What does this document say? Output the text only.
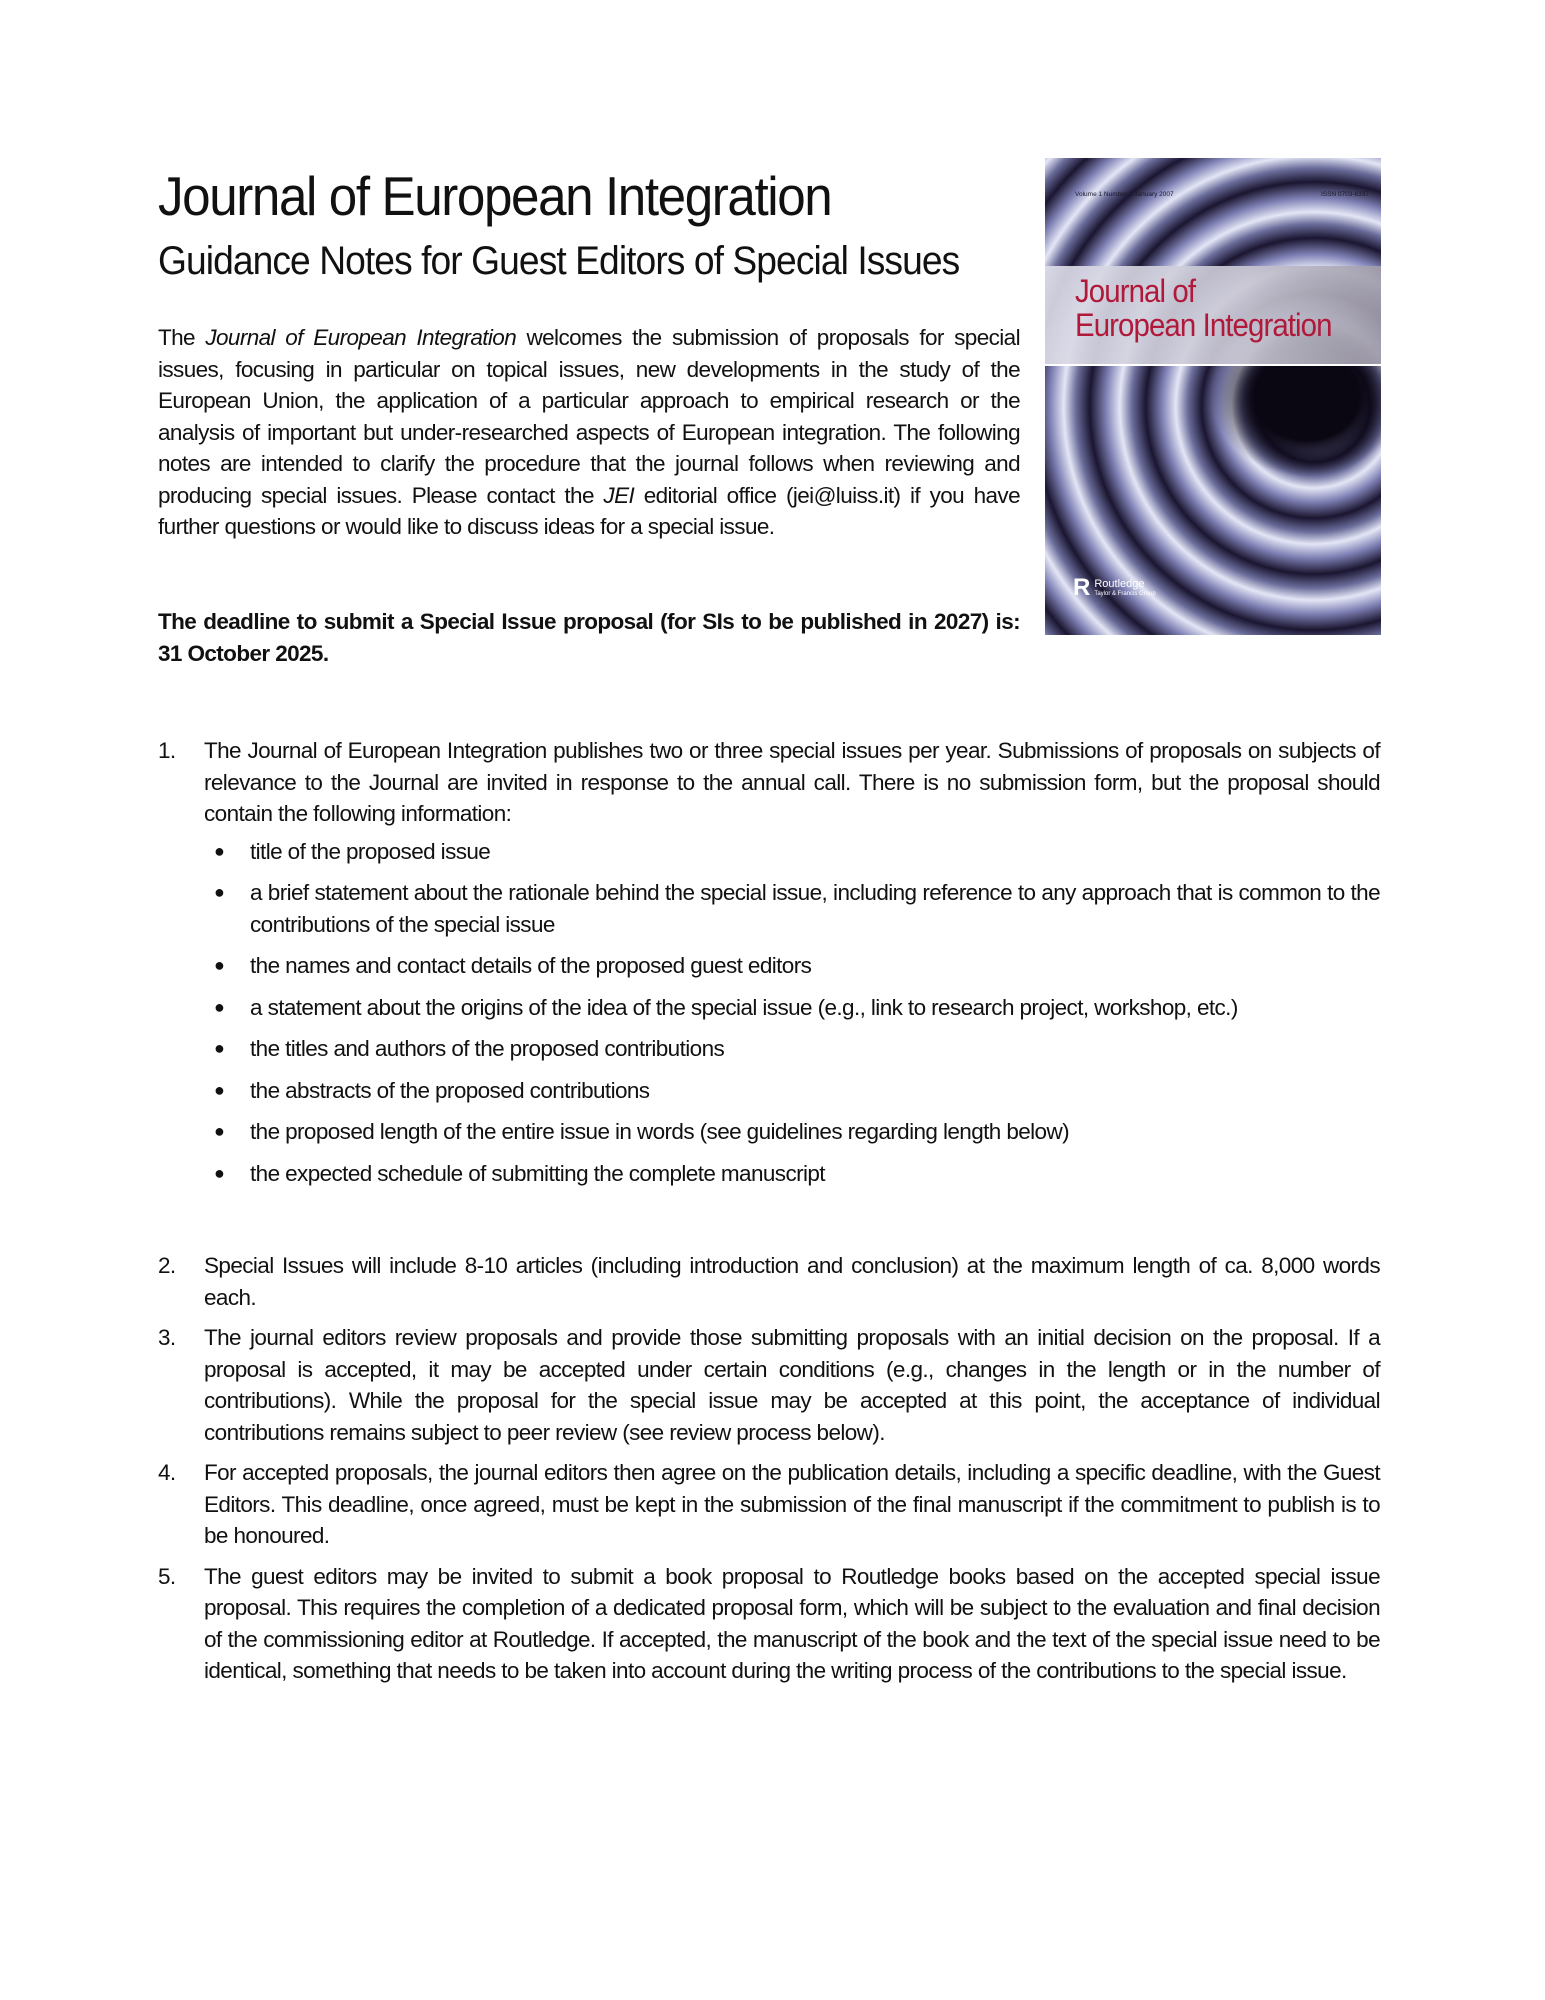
Journal of European Integration
Guidance Notes for Guest Editors of Special Issues

The Journal of European Integration welcomes the submission of proposals for special issues, focusing in particular on topical issues, new developments in the study of the European Union, the application of a particular approach to empirical research or the analysis of important but under-researched aspects of European integration. The following notes are intended to clarify the procedure that the journal follows when reviewing and producing special issues. Please contact the JEI editorial office (jei@luiss.it) if you have further questions or would like to discuss ideas for a special issue.

The deadline to submit a Special Issue proposal (for SIs to be published in 2027) is: 31 October 2025.

Volume 1 Number 1 January 2007	ISSN 0703-6337
Journal of
European Integration
R Routledge
Taylor & Francis Group
1. The Journal of European Integration publishes two or three special issues per year. Submissions of proposals on subjects of relevance to the Journal are invited in response to the annual call. There is no submission form, but the proposal should contain the following information:
● title of the proposed issue
● a brief statement about the rationale behind the special issue, including reference to any approach that is common to the contributions of the special issue
● the names and contact details of the proposed guest editors
● a statement about the origins of the idea of the special issue (e.g., link to research project, workshop, etc.)
● the titles and authors of the proposed contributions
● the abstracts of the proposed contributions
● the proposed length of the entire issue in words (see guidelines regarding length below)
● the expected schedule of submitting the complete manuscript
2. Special Issues will include 8-10 articles (including introduction and conclusion) at the maximum length of ca. 8,000 words each.
3. The journal editors review proposals and provide those submitting proposals with an initial decision on the proposal. If a proposal is accepted, it may be accepted under certain conditions (e.g., changes in the length or in the number of contributions). While the proposal for the special issue may be accepted at this point, the acceptance of individual contributions remains subject to peer review (see review process below).
4. For accepted proposals, the journal editors then agree on the publication details, including a specific deadline, with the Guest Editors. This deadline, once agreed, must be kept in the submission of the final manuscript if the commitment to publish is to be honoured.
5. The guest editors may be invited to submit a book proposal to Routledge books based on the accepted special issue proposal. This requires the completion of a dedicated proposal form, which will be subject to the evaluation and final decision of the commissioning editor at Routledge. If accepted, the manuscript of the book and the text of the special issue need to be identical, something that needs to be taken into account during the writing process of the contributions to the special issue.
